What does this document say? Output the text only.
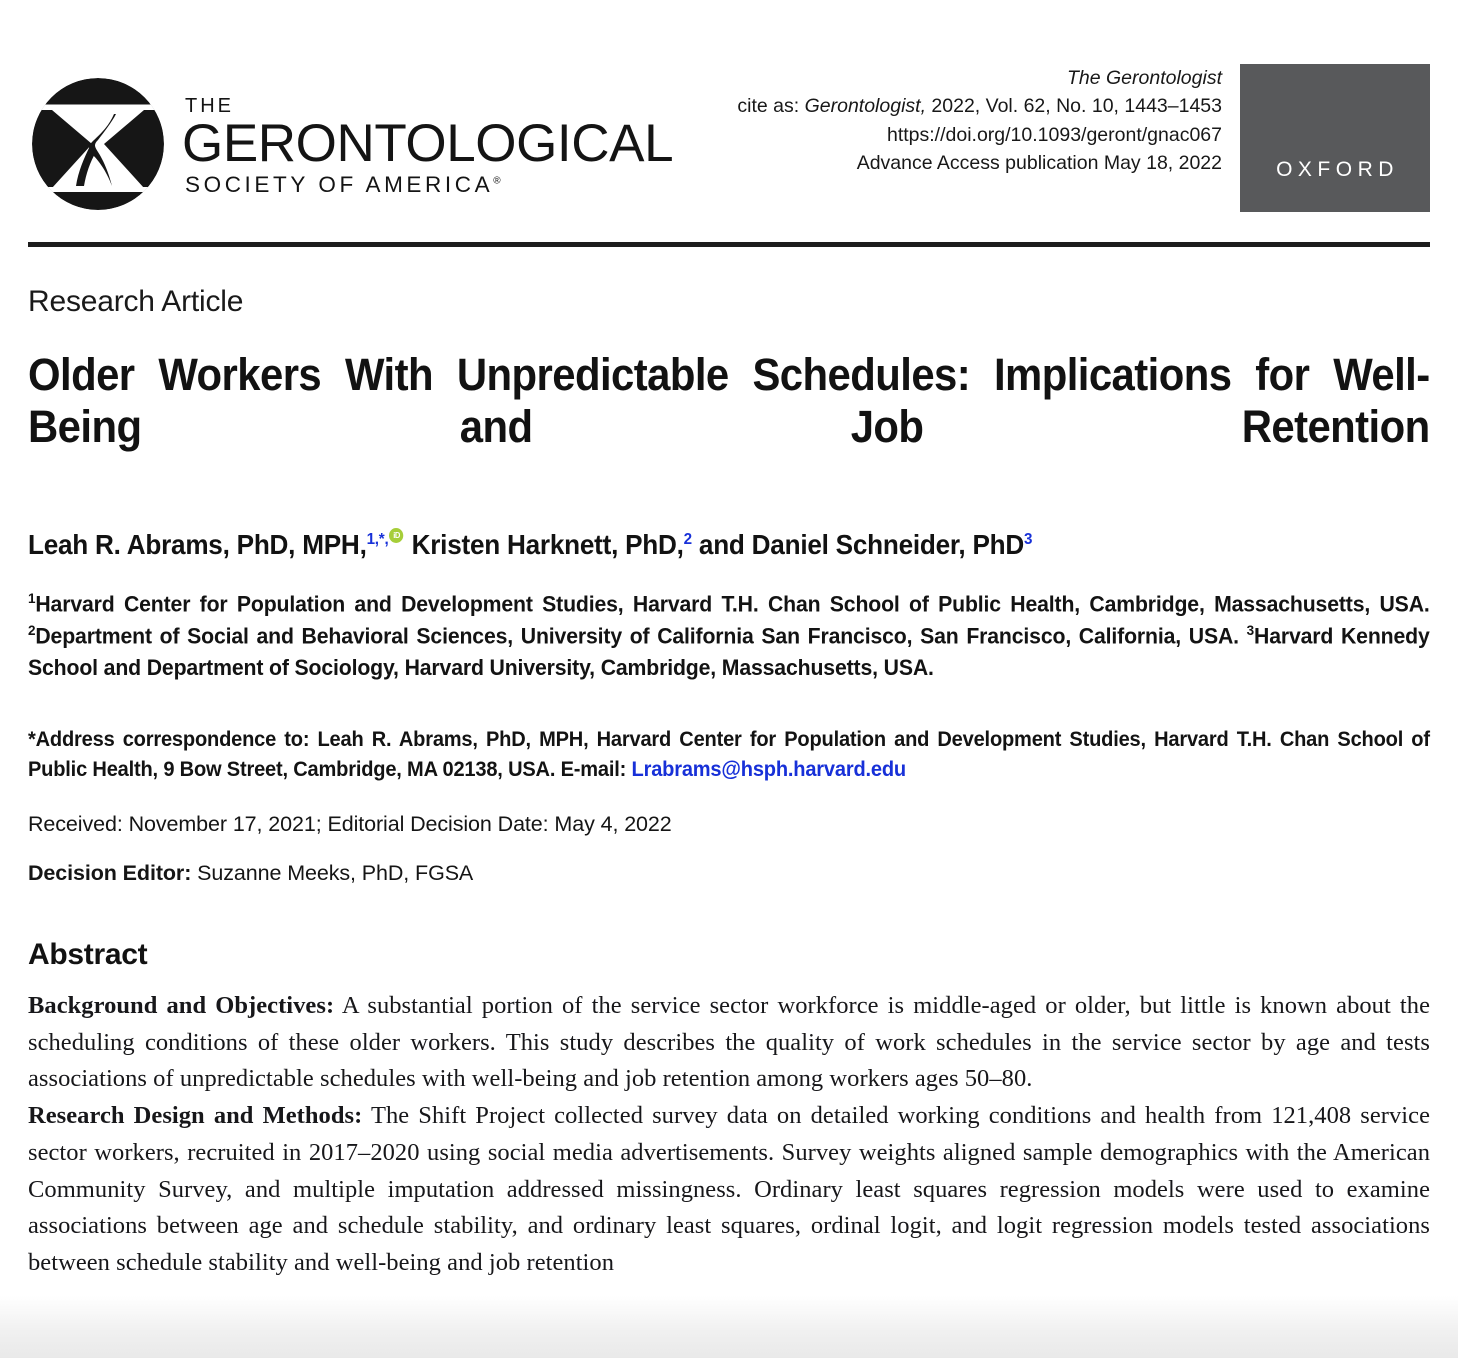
THE
GERONTOLOGICAL
SOCIETY OF AMERICA®
The Gerontologist
cite as: Gerontologist, 2022, Vol. 62, No. 10, 1443–1453
https://doi.org/10.1093/geront/gnac067
Advance Access publication May 18, 2022	OXFORD
Research Article
Older Workers With Unpredictable Schedules: Implications for Well-Being and Job Retention
Leah R. Abrams, PhD, MPH,$^{1,*,}$iD Kristen Harknett, PhD,$^2$ and Daniel Schneider, PhD$^3$
$^1$Harvard Center for Population and Development Studies, Harvard T.H. Chan School of Public Health, Cambridge, Massachusetts, USA. $^2$Department of Social and Behavioral Sciences, University of California San Francisco, San Francisco, California, USA. $^3$Harvard Kennedy School and Department of Sociology, Harvard University, Cambridge, Massachusetts, USA.
*Address correspondence to: Leah R. Abrams, PhD, MPH, Harvard Center for Population and Development Studies, Harvard T.H. Chan School of Public Health, 9 Bow Street, Cambridge, MA 02138, USA. E-mail: Lrabrams@hsph.harvard.edu
Received: November 17, 2021; Editorial Decision Date: May 4, 2022
Decision Editor: Suzanne Meeks, PhD, FGSA
Abstract

Background and Objectives: A substantial portion of the service sector workforce is middle-aged or older, but little is known about the scheduling conditions of these older workers. This study describes the quality of work schedules in the service sector by age and tests associations of unpredictable schedules with well-being and job retention among workers ages 50–80.

Research Design and Methods: The Shift Project collected survey data on detailed working conditions and health from 121,408 service sector workers, recruited in 2017–2020 using social media advertisements. Survey weights aligned sample demographics with the American Community Survey, and multiple imputation addressed missingness. Ordinary least squares regression models were used to examine associations between age and schedule stability, and ordinary least squares, ordinal logit, and logit regression models tested associations between schedule stability and well-being and job retention
